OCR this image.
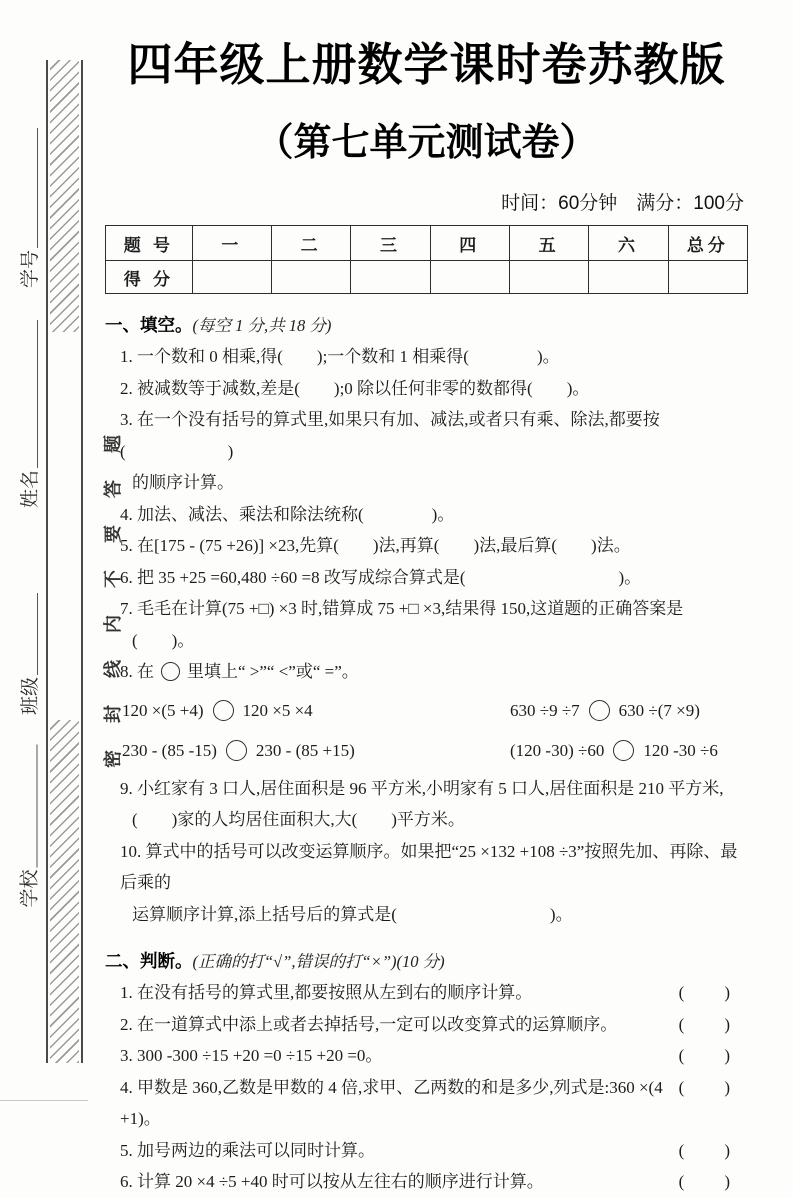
密封线内不要答题
学号
姓名
班级
学校
四年级上册数学课时卷苏教版
（第七单元测试卷）
时间：60分钟　满分：100分
题 号	一	二	三	四	五	六	总分
得 分							
一、填空。(每空 1 分,共 18 分)

1. 一个数和 0 相乘,得(　　);一个数和 1 相乘得(　　　　)。

2. 被减数等于减数,差是(　　);0 除以任何非零的数都得(　　)。

3. 在一个没有括号的算式里,如果只有加、减法,或者只有乘、除法,都要按(　　　　　　)

的顺序计算。

4. 加法、减法、乘法和除法统称(　　　　)。

5. 在[175 - (75 +26)] ×23,先算(　　)法,再算(　　)法,最后算(　　)法。

6. 把 35 +25 =60,480 ÷60 =8 改写成综合算式是(　　　　　　　　　)。

7. 毛毛在计算(75 +□) ×3 时,错算成 75 +□ ×3,结果得 150,这道题的正确答案是

(　　)。

8. 在 里填上“ >”“ <”或“ =”。

120 ×(5 +4) 120 ×5 ×4	630 ÷9 ÷7 630 ÷(7 ×9)
230 - (85 -15) 230 - (85 +15)	(120 -30) ÷60 120 -30 ÷6

9. 小红家有 3 口人,居住面积是 96 平方米,小明家有 5 口人,居住面积是 210 平方米,

(　　)家的人均居住面积大,大(　　)平方米。

10. 算式中的括号可以改变运算顺序。如果把“25 ×132 +108 ÷3”按照先加、再除、最后乘的

运算顺序计算,添上括号后的算式是(　　　　　　　　　)。

二、判断。(正确的打“√”,错误的打“×”)(10 分)
1. 在没有括号的算式里,都要按照从左到右的顺序计算。	(　　)
2. 在一道算式中添上或者去掉括号,一定可以改变算式的运算顺序。	(　　)
3. 300 -300 ÷15 +20 =0 ÷15 +20 =0。	(　　)
4. 甲数是 360,乙数是甲数的 4 倍,求甲、乙两数的和是多少,列式是:360 ×(4 +1)。
(　　)
5. 加号两边的乘法可以同时计算。	(　　)
6. 计算 20 ×4 ÷5 +40 时可以按从左往右的顺序进行计算。	(　　)
